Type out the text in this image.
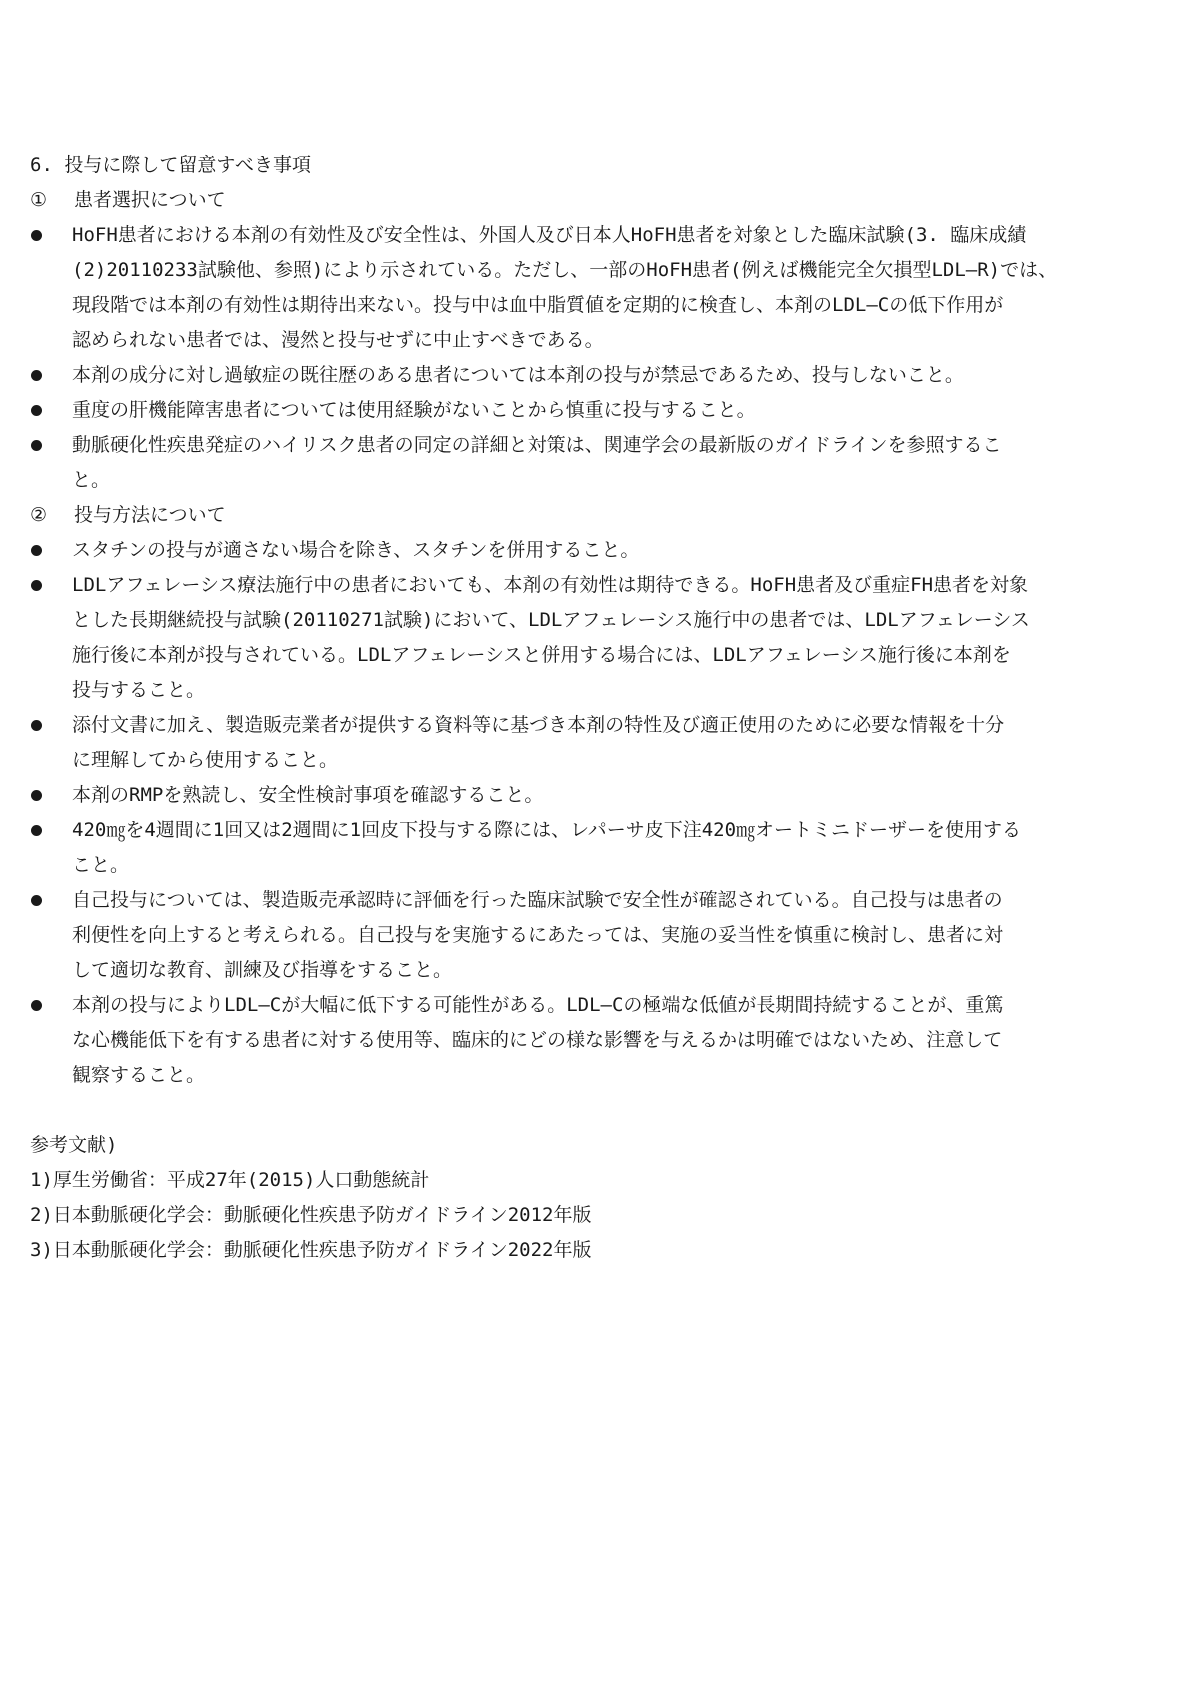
6. 投与に際して留意すべき事項
① 患者選択について
HoFH患者における本剤の有効性及び安全性は、外国人及び日本人HoFH患者を対象とした臨床試験(3. 臨床成績
(2)20110233試験他、参照)により示されている。ただし、一部のHoFH患者(例えば機能完全欠損型LDL—R)では、
現段階では本剤の有効性は期待出来ない。投与中は血中脂質値を定期的に検査し、本剤のLDL—Cの低下作用が
認められない患者では、漫然と投与せずに中止すべきである。
本剤の成分に対し過敏症の既往歴のある患者については本剤の投与が禁忌であるため、投与しないこと。
重度の肝機能障害患者については使用経験がないことから慎重に投与すること。
動脈硬化性疾患発症のハイリスク患者の同定の詳細と対策は、関連学会の最新版のガイドラインを参照するこ
と。
② 投与方法について
スタチンの投与が適さない場合を除き、スタチンを併用すること。
LDLアフェレーシス療法施行中の患者においても、本剤の有効性は期待できる。HoFH患者及び重症FH患者を対象
とした長期継続投与試験(20110271試験)において、LDLアフェレーシス施行中の患者では、LDLアフェレーシス
施行後に本剤が投与されている。LDLアフェレーシスと併用する場合には、LDLアフェレーシス施行後に本剤を
投与すること。
添付文書に加え、製造販売業者が提供する資料等に基づき本剤の特性及び適正使用のために必要な情報を十分
に理解してから使用すること。
本剤のRMPを熟読し、安全性検討事項を確認すること。
420㎎を4週間に1回又は2週間に1回皮下投与する際には、レパーサ皮下注420㎎オートミニドーザーを使用する
こと。
自己投与については、製造販売承認時に評価を行った臨床試験で安全性が確認されている。自己投与は患者の
利便性を向上すると考えられる。自己投与を実施するにあたっては、実施の妥当性を慎重に検討し、患者に対
して適切な教育、訓練及び指導をすること。
本剤の投与によりLDL—Cが大幅に低下する可能性がある。LDL—Cの極端な低値が長期間持続することが、重篤
な心機能低下を有する患者に対する使用等、臨床的にどの様な影響を与えるかは明確ではないため、注意して
観察すること。
参考文献)
1)厚生労働省：平成27年(2015)人口動態統計
2)日本動脈硬化学会：動脈硬化性疾患予防ガイドライン2012年版
3)日本動脈硬化学会：動脈硬化性疾患予防ガイドライン2022年版
